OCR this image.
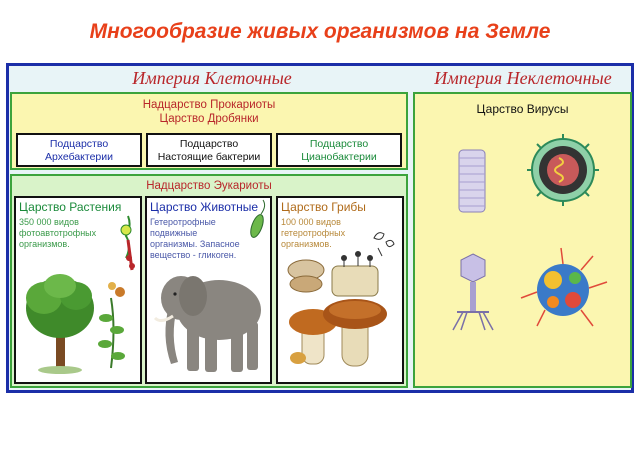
Многообразие живых организмов на Земле
Империя Клеточные	Империя Неклеточные
Надцарство Прокариоты
Царство Дробянки
Подцарство
Архебактерии
Подцарство
Настоящие бактерии
Подцарство
Цианобактерии
Надцарство Эукариоты
Царство Растения
350 000 видов
фотоавтотрофных
организмов.
Царство Животные
Гетеротрофные
подвижные
организмы. Запасное
вещество - гликоген.
Царство Грибы
100 000 видов
гетеротрофных
организмов.
Царство Вирусы
